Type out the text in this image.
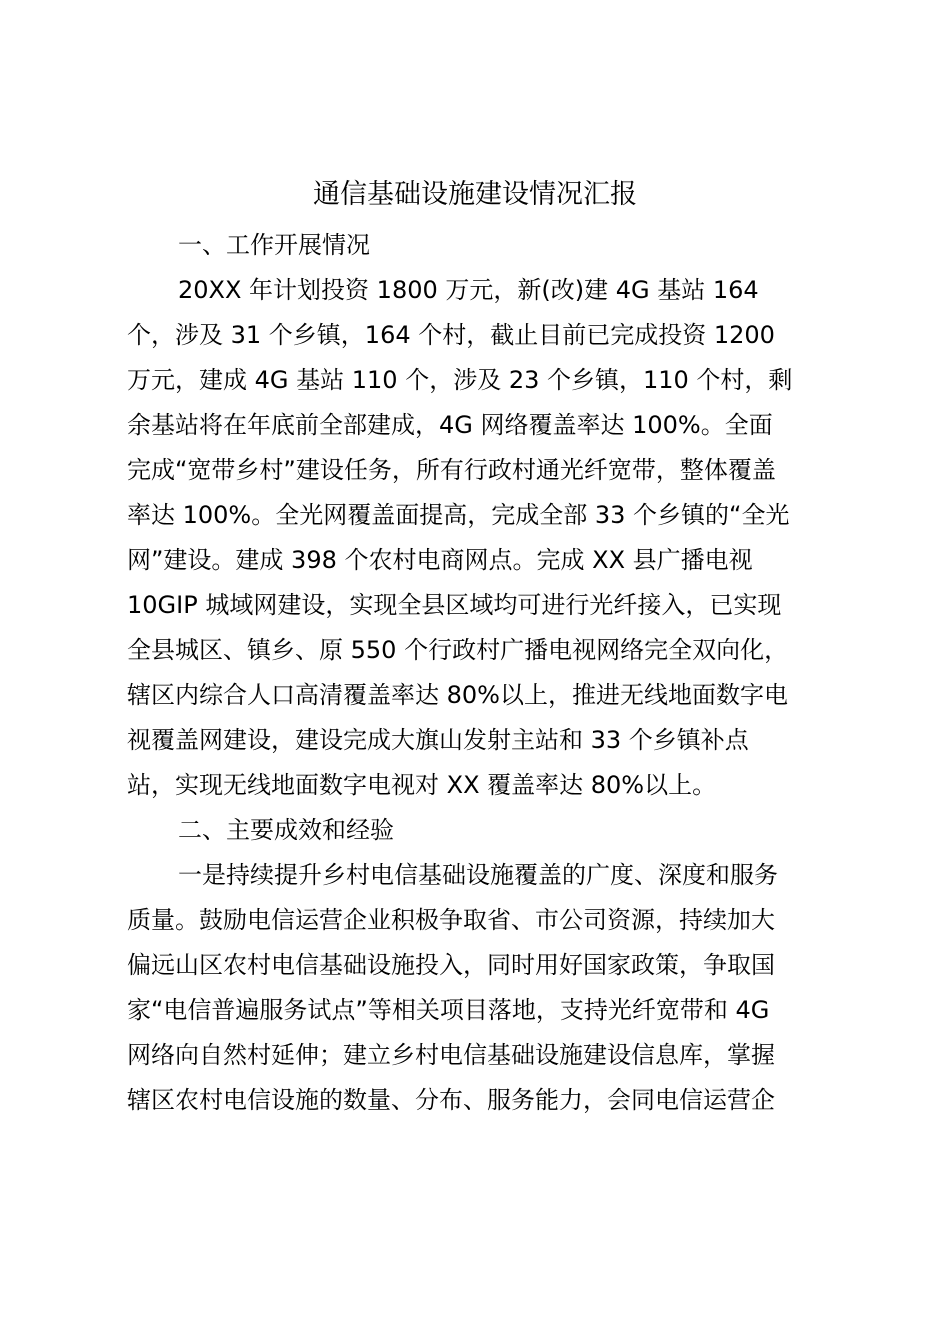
通信基础设施建设情况汇报

一、工作开展情况

20XX 年计划投资 1800 万元，新(改)建 4G 基站 164

个，涉及 31 个乡镇，164 个村，截止目前已完成投资 1200

万元，建成 4G 基站 110 个，涉及 23 个乡镇，110 个村，剩

余基站将在年底前全部建成，4G 网络覆盖率达 100%。全面

完成“宽带乡村”建设任务，所有行政村通光纤宽带，整体覆盖

率达 100%。全光网覆盖面提高，完成全部 33 个乡镇的“全光

网”建设。建成 398 个农村电商网点。完成 XX 县广播电视

10GIP 城域网建设，实现全县区域均可进行光纤接入，已实现

全县城区、镇乡、原 550 个行政村广播电视网络完全双向化，

辖区内综合人口高清覆盖率达 80%以上，推进无线地面数字电

视覆盖网建设，建设完成大旗山发射主站和 33 个乡镇补点

站，实现无线地面数字电视对 XX 覆盖率达 80%以上。

二、主要成效和经验

一是持续提升乡村电信基础设施覆盖的广度、深度和服务

质量。鼓励电信运营企业积极争取省、市公司资源，持续加大

偏远山区农村电信基础设施投入，同时用好国家政策，争取国

家“电信普遍服务试点”等相关项目落地，支持光纤宽带和 4G

网络向自然村延伸；建立乡村电信基础设施建设信息库，掌握

辖区农村电信设施的数量、分布、服务能力，会同电信运营企
